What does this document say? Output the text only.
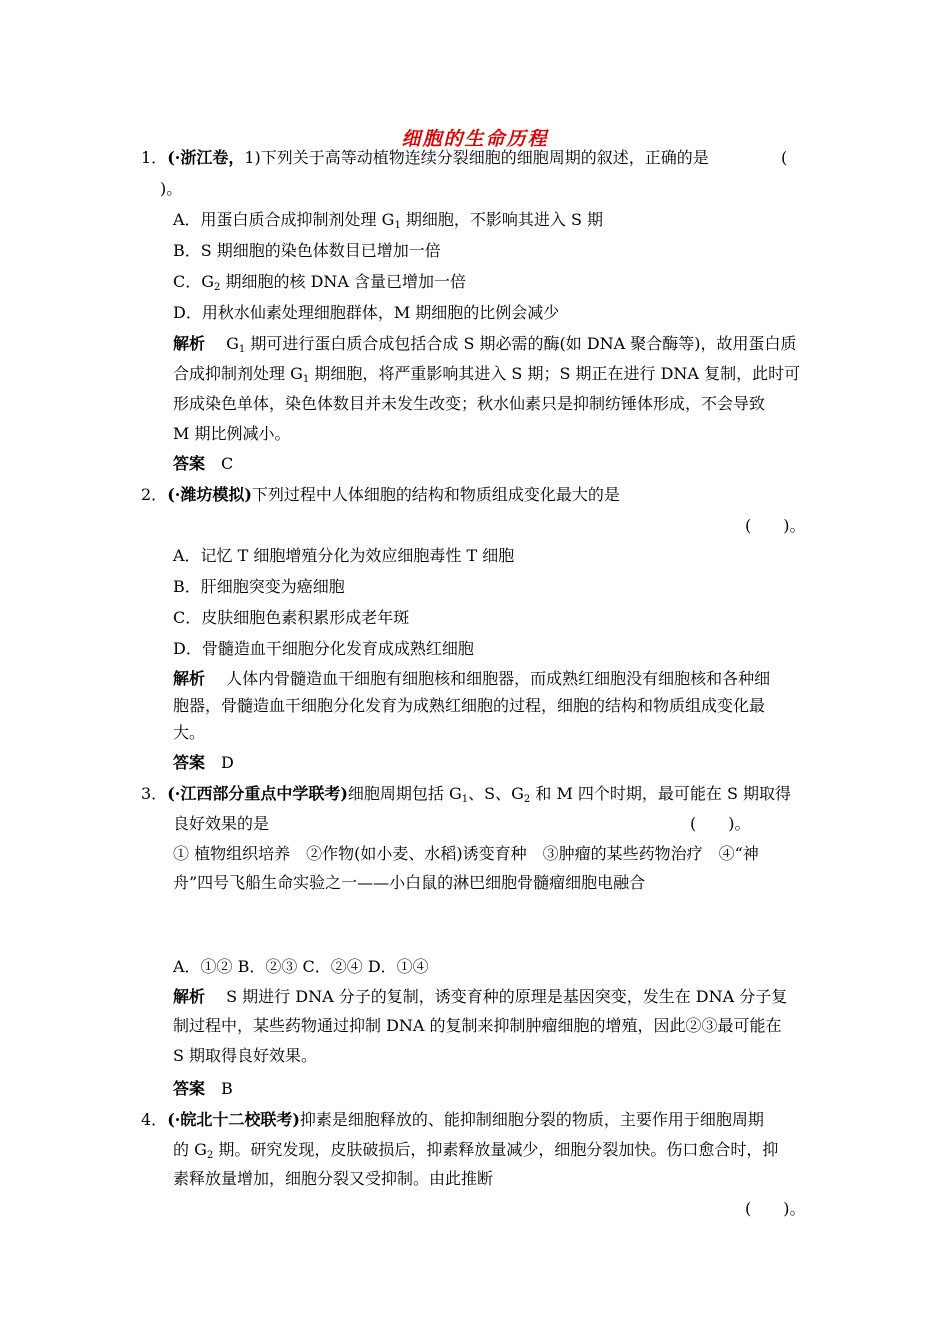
细胞的生命历程
1．(·浙江卷，1)下列关于高等动植物连续分裂细胞的细胞周期的叙述，正确的是	(
)。
A．用蛋白质合成抑制剂处理 $G_1$ 期细胞，不影响其进入 S 期
B．S 期细胞的染色体数目已增加一倍
C．$G_2$ 期细胞的核 DNA 含量已增加一倍
D．用秋水仙素处理细胞群体，M 期细胞的比例会减少
解析　 $G_1$ 期可进行蛋白质合成包括合成 S 期必需的酶(如 DNA 聚合酶等)，故用蛋白质
合成抑制剂处理 $G_1$ 期细胞，将严重影响其进入 S 期；S 期正在进行 DNA 复制，此时可
形成染色单体，染色体数目并未发生改变；秋水仙素只是抑制纺锤体形成，不会导致
M 期比例减小。
答案　 C
2．(·潍坊模拟)下列过程中人体细胞的结构和物质组成变化最大的是
(　　)。
A．记忆 T 细胞增殖分化为效应细胞毒性 T 细胞
B．肝细胞突变为癌细胞
C．皮肤细胞色素积累形成老年斑
D．骨髓造血干细胞分化发育成成熟红细胞
解析　 人体内骨髓造血干细胞有细胞核和细胞器，而成熟红细胞没有细胞核和各种细
胞器，骨髓造血干细胞分化发育为成熟红细胞的过程，细胞的结构和物质组成变化最
大。
答案　 D
3．(·江西部分重点中学联考)细胞周期包括 $G_1$、S、$G_2$ 和 M 四个时期，最可能在 S 期取得
良好效果的是	(　　)。
① 植物组织培养　②作物(如小麦、水稻)诱变育种　③肿瘤的某些药物治疗　④“神
舟”四号飞船生命实验之一——小白鼠的淋巴细胞骨髓瘤细胞电融合
A．①② B．②③ C．②④ D．①④
解析　 S 期进行 DNA 分子的复制，诱变育种的原理是基因突变，发生在 DNA 分子复
制过程中，某些药物通过抑制 DNA 的复制来抑制肿瘤细胞的增殖，因此②③最可能在
S 期取得良好效果。
答案　 B
4．(·皖北十二校联考)抑素是细胞释放的、能抑制细胞分裂的物质，主要作用于细胞周期
的 $G_2$ 期。研究发现，皮肤破损后，抑素释放量减少，细胞分裂加快。伤口愈合时，抑
素释放量增加，细胞分裂又受抑制。由此推断
(　　)。
